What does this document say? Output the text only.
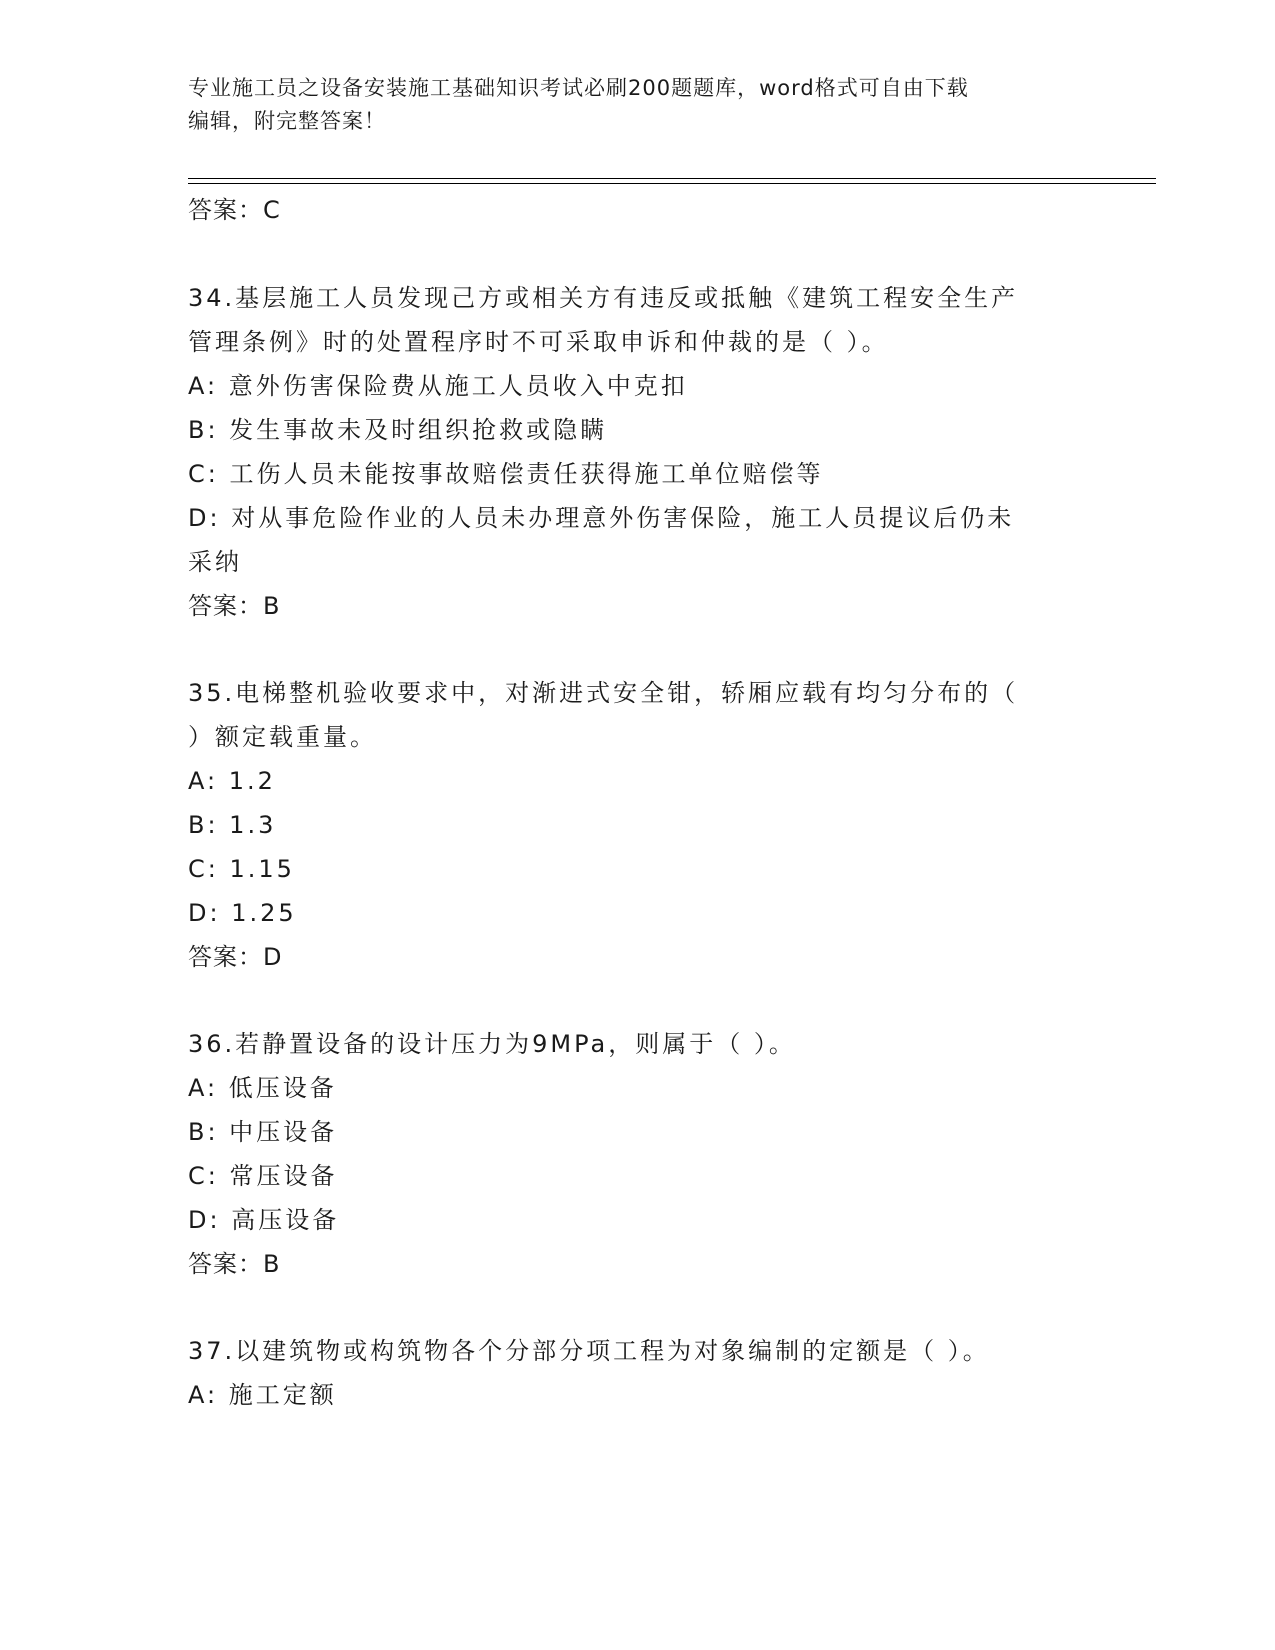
专业施工员之设备安装施工基础知识考试必刷200题题库，word格式可自由下载
编辑，附完整答案！
答案：C
34.基层施工人员发现己方或相关方有违反或抵触《建筑工程安全生产
管理条例》时的处置程序时不可采取申诉和仲裁的是（ ）。
A: 意外伤害保险费从施工人员收入中克扣
B: 发生事故未及时组织抢救或隐瞒
C: 工伤人员未能按事故赔偿责任获得施工单位赔偿等
D: 对从事危险作业的人员未办理意外伤害保险，施工人员提议后仍未
采纳
答案：B
35.电梯整机验收要求中，对渐进式安全钳，轿厢应载有均匀分布的（
）额定载重量。
A: 1.2
B: 1.3
C: 1.15
D: 1.25
答案：D
36.若静置设备的设计压力为9MPa，则属于（ ）。
A: 低压设备
B: 中压设备
C: 常压设备
D: 高压设备
答案：B
37.以建筑物或构筑物各个分部分项工程为对象编制的定额是（ ）。
A: 施工定额
